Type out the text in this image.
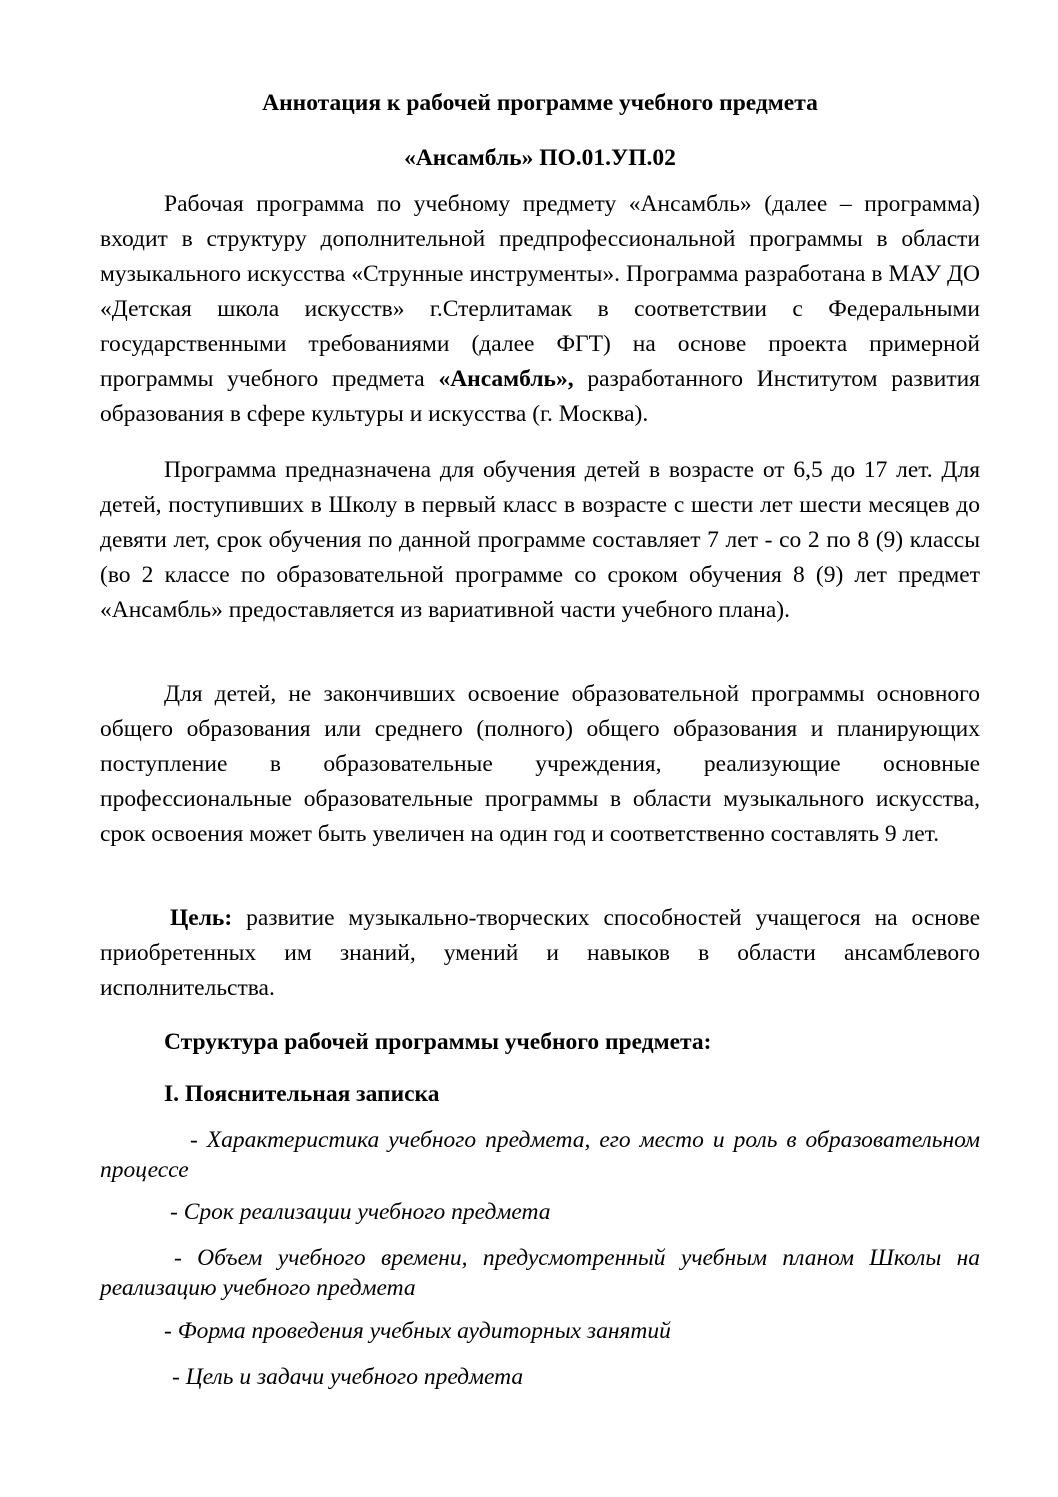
Аннотация к рабочей программе учебного предмета
«Ансамбль» ПО.01.УП.02

Рабочая программа по учебному предмету «Ансамбль» (далее – программа) входит в структуру дополнительной предпрофессиональной программы в области музыкального искусства «Струнные инструменты». Программа разработана в МАУ ДО «Детская школа искусств» г.Стерлитамак в соответствии с Федеральными государственными требованиями (далее ФГТ) на основе проекта примерной программы учебного предмета «Ансамбль», разработанного Институтом развития образования в сфере культуры и искусства (г. Москва).

Программа предназначена для обучения детей в возрасте от 6,5 до 17 лет. Для детей, поступивших в Школу в первый класс в возрасте с шести лет шести месяцев до девяти лет, срок обучения по данной программе составляет 7 лет - со 2 по 8 (9) классы (во 2 классе по образовательной программе со сроком обучения 8 (9) лет предмет «Ансамбль» предоставляется из вариативной части учебного плана).

Для детей, не закончивших освоение образовательной программы основного общего образования или среднего (полного) общего образования и планирующих поступление в образовательные учреждения, реализующие основные профессиональные образовательные программы в области музыкального искусства, срок освоения может быть увеличен на один год и соответственно составлять 9 лет.

Цель: развитие музыкально-творческих способностей учащегося на основе приобретенных им знаний, умений и навыков в области ансамблевого исполнительства.

Структура рабочей программы учебного предмета:
I. Пояснительная записка

- Характеристика учебного предмета, его место и роль в образовательном процессе

- Срок реализации учебного предмета

- Объем учебного времени, предусмотренный учебным планом Школы на реализацию учебного предмета

- Форма проведения учебных аудиторных занятий

- Цель и задачи учебного предмета
